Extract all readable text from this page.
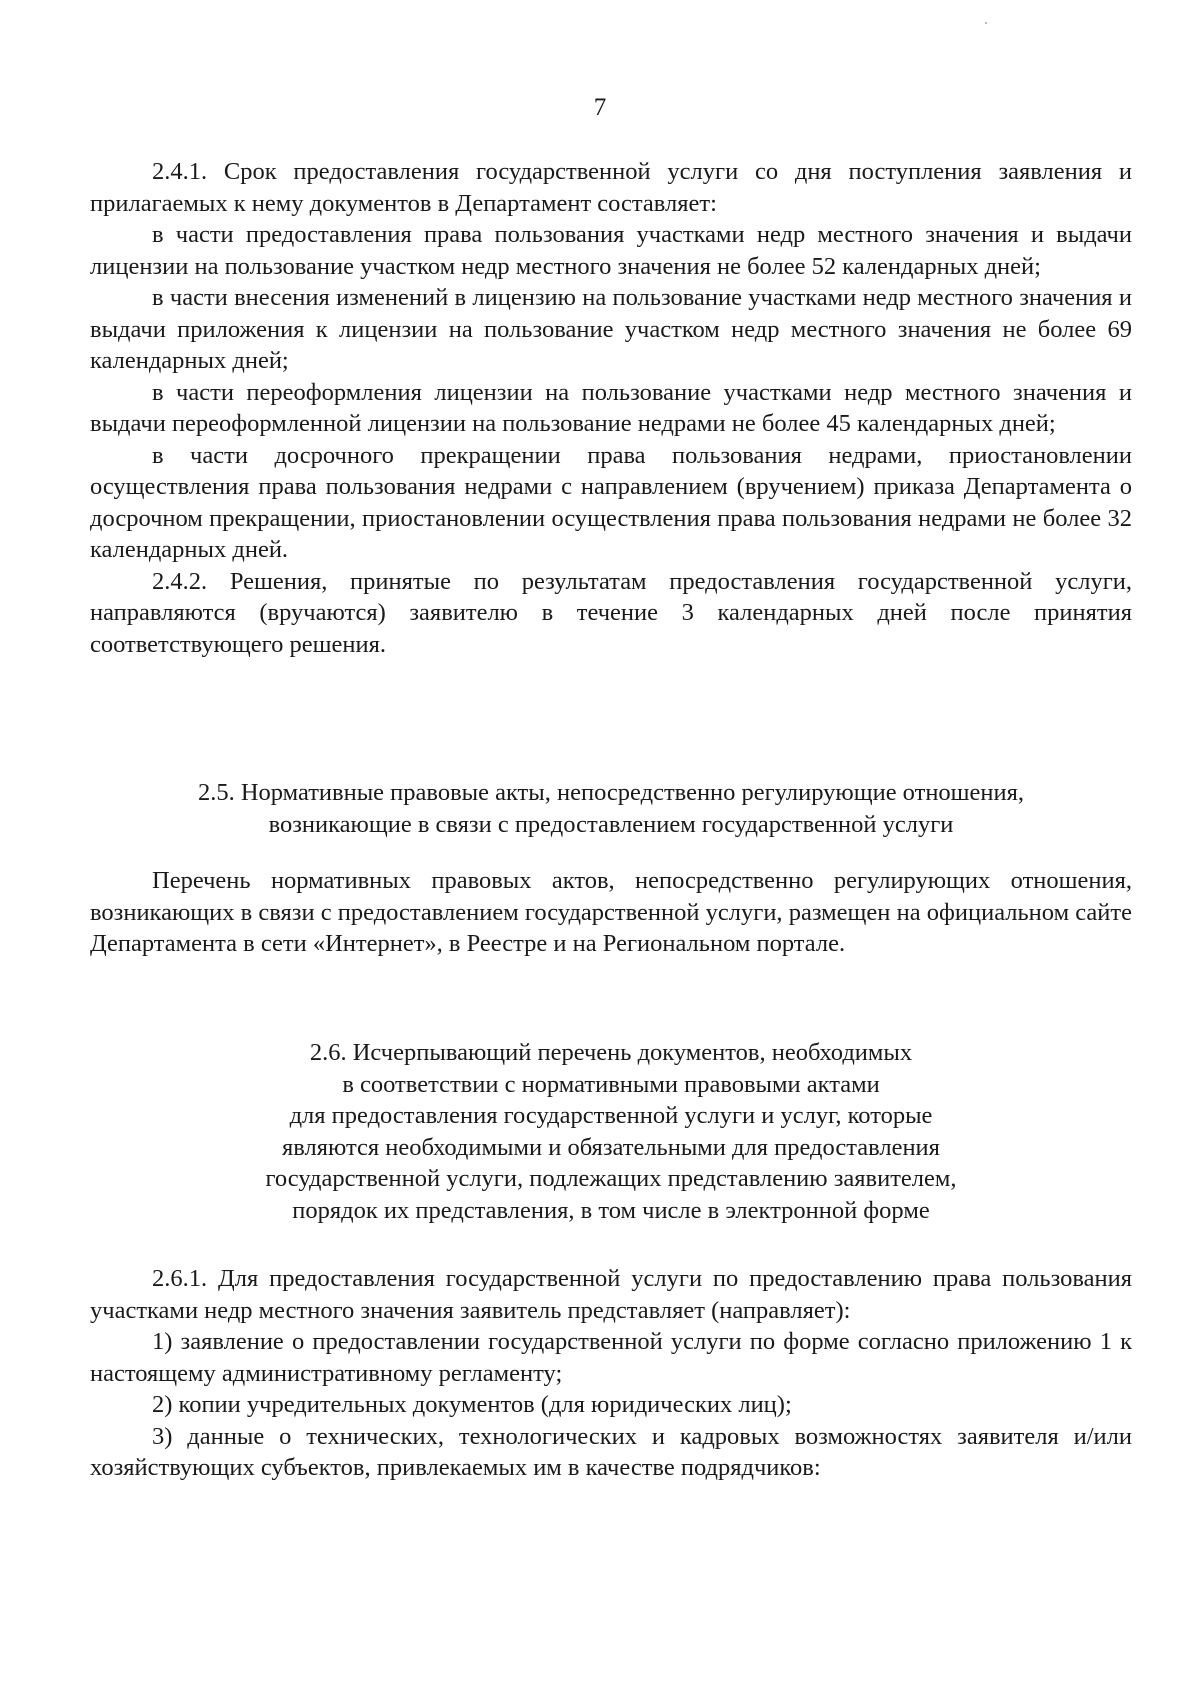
7

2.4.1. Срок предоставления государственной услуги со дня поступления заявления и прилагаемых к нему документов в Департамент составляет:

в части предоставления права пользования участками недр местного значения и выдачи лицензии на пользование участком недр местного значения не более 52 календарных дней;

в части внесения изменений в лицензию на пользование участками недр местного значения и выдачи приложения к лицензии на пользование участком недр местного значения не более 69 календарных дней;

в части переоформления лицензии на пользование участками недр местного значения и выдачи переоформленной лицензии на пользование недрами не более 45 календарных дней;

в части досрочного прекращении права пользования недрами, приостановлении осуществления права пользования недрами с направлением (вручением) приказа Департамента о досрочном прекращении, приостановлении осуществления права пользования недрами не более 32 календарных дней.

2.4.2. Решения, принятые по результатам предоставления государственной услуги, направляются (вручаются) заявителю в течение 3 календарных дней после принятия соответствующего решения.

2.5. Нормативные правовые акты, непосредственно регулирующие отношения,
возникающие в связи с предоставлением государственной услуги

Перечень нормативных правовых актов, непосредственно регулирующих отношения, возникающих в связи с предоставлением государственной услуги, размещен на официальном сайте Департамента в сети «Интернет», в Реестре и на Региональном портале.

2.6. Исчерпывающий перечень документов, необходимых
в соответствии с нормативными правовыми актами
для предоставления государственной услуги и услуг, которые
являются необходимыми и обязательными для предоставления
государственной услуги, подлежащих представлению заявителем,
порядок их представления, в том числе в электронной форме

2.6.1. Для предоставления государственной услуги по предоставлению права пользования участками недр местного значения заявитель представляет (направляет):

1) заявление о предоставлении государственной услуги по форме согласно приложению 1 к настоящему административному регламенту;

2) копии учредительных документов (для юридических лиц);

3) данные о технических, технологических и кадровых возможностях заявителя и/или хозяйствующих субъектов, привлекаемых им в качестве подрядчиков:
